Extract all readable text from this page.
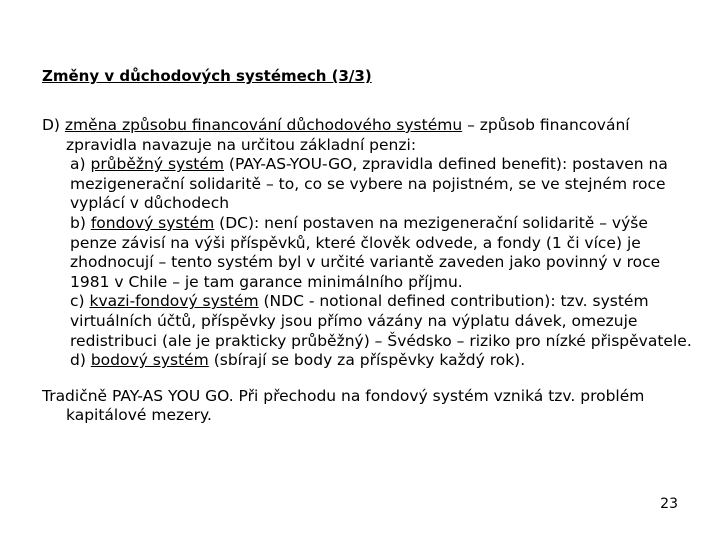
Změny v důchodových systémech (3/3)

D) změna způsobu financování důchodového systému – způsob financování zpravidla navazuje na určitou základní penzi:

a) průběžný systém (PAY-AS-YOU-GO, zpravidla defined benefit): postaven na mezigenerační solidaritě – to, co se vybere na pojistném, se ve stejném roce vyplácí v důchodech

b) fondový systém (DC): není postaven na mezigenerační solidaritě – výše penze závisí na výši příspěvků, které člověk odvede, a fondy (1 či více) je zhodnocují – tento systém byl v určité variantě zaveden jako povinný v roce 1981 v Chile – je tam garance minimálního příjmu.

c) kvazi-fondový systém (NDC - notional defined contribution): tzv. systém virtuálních účtů, příspěvky jsou přímo vázány na výplatu dávek, omezuje redistribuci (ale je prakticky průběžný) – Švédsko – riziko pro nízké přispěvatele.

d) bodový systém (sbírají se body za příspěvky každý rok).

Tradičně PAY-AS YOU GO. Při přechodu na fondový systém vzniká tzv. problém kapitálové mezery.

23
